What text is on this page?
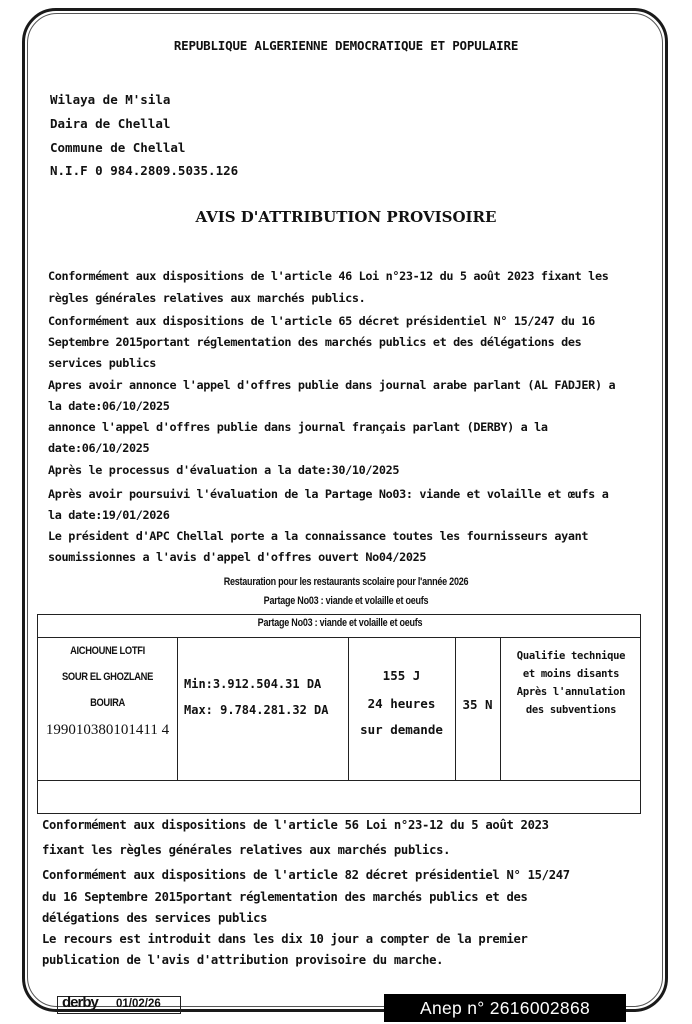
REPUBLIQUE ALGERIENNE DEMOCRATIQUE ET POPULAIRE
Wilaya de M'sila
Daira de Chellal
Commune de Chellal
N.I.F 0 984.2809.5035.126
AVIS D'ATTRIBUTION PROVISOIRE
Conformément aux dispositions de l'article 46 Loi n°23-12 du 5 août 2023 fixant les
règles générales relatives aux marchés publics.
Conformément aux dispositions de l'article 65 décret présidentiel N° 15/247 du 16
Septembre 2015portant réglementation des marchés publics et des délégations des
services publics
Apres avoir annonce l'appel d'offres publie dans journal arabe parlant (AL FADJER) a
la date:06/10/2025
annonce l'appel d'offres publie dans journal français parlant (DERBY) a la
date:06/10/2025
Après le processus d'évaluation a la date:30/10/2025
Après avoir poursuivi l'évaluation de la Partage No03: viande et volaille et œufs a
la date:19/01/2026
Le président d'APC Chellal porte a la connaissance toutes les fournisseurs ayant
soumissionnes a l'avis d'appel d'offres ouvert No04/2025
Restauration pour les restaurants scolaire pour l'année 2026
Partage No03 : viande et volaille et oeufs
Partage No03 : viande et volaille et oeufs
AICHOUNE LOTFI
SOUR EL GHOZLANE
BOUIRA
199010380101411 4
Min:3.912.504.31 DA
Max: 9.784.281.32 DA
155 J
24 heures
sur demande
35 N
Qualifie technique
et moins disants
Après l'annulation
des subventions
Conformément aux dispositions de l'article 56 Loi n°23-12 du 5 août 2023
fixant les règles générales relatives aux marchés publics.
Conformément aux dispositions de l'article 82 décret présidentiel N° 15/247
du 16 Septembre 2015portant réglementation des marchés publics et des
délégations des services publics
Le recours est introduit dans les dix 10 jour a compter de la premier
publication de l'avis d'attribution provisoire du marche.
derby 01/02/26	Anep n° 2616002868
